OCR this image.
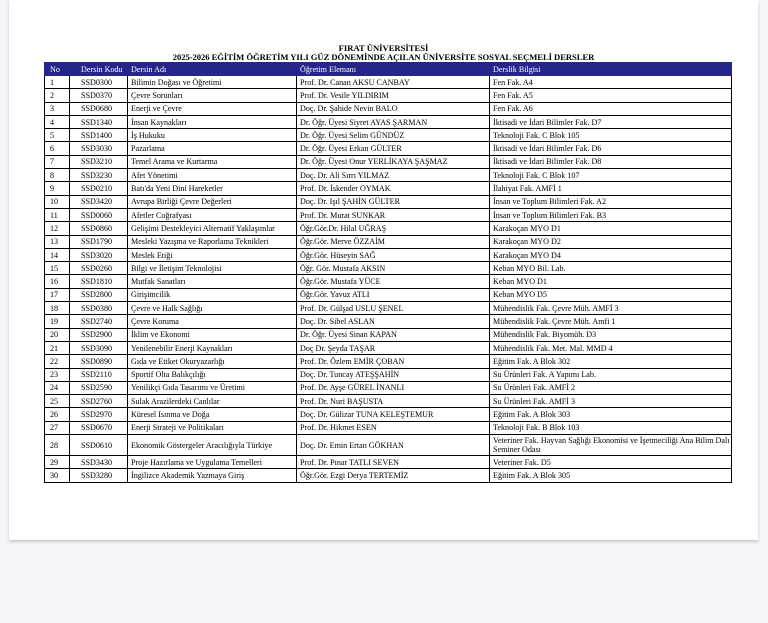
FIRAT ÜNİVERSİTESİ
2025-2026 EĞİTİM ÖĞRETİM YILI GÜZ DÖNEMİNDE AÇILAN ÜNİVERSİTE SOSYAL SEÇMELİ DERSLER
No	Dersin Kodu	Dersin Adı	Öğretim Elemanı	Derslik Bilgisi
1	SSD0300	Bilimin Doğası ve Öğretimi	Prof. Dr. Canan AKSU CANBAY	Fen Fak. A4
2	SSD0370	Çevre Sorunları	Prof. Dr. Vesile YILDIRIM	Fen Fak. A5
3	SSD0680	Enerji ve Çevre	Doç. Dr. Şahide Nevin BALO	Fen Fak. A6
4	SSD1340	İnsan Kaynakları	Dr. Öğr. Üyesi Siyret AYAS ŞARMAN	İktisadi ve İdari Bilimler Fak. D7
5	SSD1400	İş Hukuku	Dr. Öğr. Üyesi Selim GÜNDÜZ	Teknoloji Fak. C Blok 105
6	SSD3030	Pazarlama	Dr. Öğr. Üyesi Erkan GÜLTER	İktisadi ve İdari Bilimler Fak. D6
7	SSD3210	Temel Arama ve Kurtarma	Dr. Öğr. Üyesi Onur YERLİKAYA ŞAŞMAZ	İktisadi ve İdari Bilimler Fak. D8
8	SSD3230	Afet Yönetimi	Doç. Dr. Ali Sırrı YILMAZ	Teknoloji Fak. C Blok 107
9	SSD0210	Batı'da Yeni Dini Hareketler	Prof. Dr. İskender OYMAK	İlahiyat Fak. AMFİ 1
10	SSD3420	Avrupa Birliği Çevre Değerleri	Doç. Dr. Işıl ŞAHİN GÜLTER	İnsan ve Toplum Bilimleri Fak. A2
11	SSD0060	Afetler Coğrafyası	Prof. Dr. Murat SUNKAR	İnsan ve Toplum Bilimleri Fak. B3
12	SSD0860	Gelişimi Destekleyici Alternatif Yaklaşımlar	Öğr.Gör.Dr. Hilal UĞRAŞ	Karakoçan MYO D1
13	SSD1790	Mesleki Yazışma ve Raporlama Teknikleri	Öğr.Gör. Merve ÖZZAİM	Karakoçan MYO D2
14	SSD3020	Meslek Etiği	Öğr.Gör. Hüseyin SAĞ	Karakoçan MYO D4
15	SSD0260	Bilgi ve İletişim Teknolojisi	Öğr. Gör. Mustafa AKSIN	Keban MYO Bil. Lab.
16	SSD1810	Mutfak Sanatları	Öğr.Gör. Mustafa YÜCE	Keban MYO D1
17	SSD2800	Girişimcilik	Öğr.Gör. Yavuz ATLI	Keban MYO D5
18	SSD0380	Çevre ve Halk Sağlığı	Prof. Dr. Gülşad USLU ŞENEL	Mühendislik Fak. Çevre Müh. AMFİ 3
19	SSD2740	Çevre Koruma	Doç. Dr. Sibel ASLAN	Mühendislik Fak. Çevre Müh. Amfi 1
20	SSD2900	İklim ve Ekonomi	Dr. Öğr. Üyesi Sinan KAPAN	Mühendislik Fak. Biyomüh. D3
21	SSD3090	Yenilenebilir Enerji Kaynakları	Doç Dr. Şeyda TAŞAR	Mühendislik Fak. Met. Mal. MMD 4
22	SSD0890	Gıda ve Etiket Okuryazarlığı	Prof. Dr. Özlem EMİR ÇOBAN	Eğitim Fak. A Blok 302
23	SSD2110	Sportif Olta Balıkçılığı	Doç. Dr. Tuncay ATEŞŞAHİN	Su Ürünleri Fak. A Yapımı Lab.
24	SSD2590	Yenilikçi Gıda Tasarımı ve Üretimi	Prof. Dr. Ayşe GÜREL İNANLI	Su Ürünleri Fak. AMFİ 2
25	SSD2760	Sulak Arazilerdeki Canlılar	Prof. Dr. Nuri BAŞUSTA	Su Ürünleri Fak. AMFİ 3
26	SSD2970	Küresel Isınma ve Doğa	Doç. Dr. Gülizar TUNA KELEŞTEMUR	Eğitim Fak. A Blok 303
27	SSD0670	Enerji Strateji ve Politikaları	Prof. Dr. Hikmet ESEN	Teknoloji Fak. B Blok 103
28	SSD0610	Ekonomik Göstergeler Aracılığıyla Türkiye	Doç. Dr. Emin Ertan GÖKHAN	Veteriner Fak. Hayvan Sağlığı Ekonomisi ve İşetmeciliği Ana Bilim Dalı Seminer Odası
29	SSD3430	Proje Hazırlama ve Uygulama Temelleri	Prof. Dr. Pınar TATLI SEVEN	Veteriner Fak. D5
30	SSD3280	İngilizce Akademik Yazmaya Giriş	Öğr.Gör. Ezgi Derya TERTEMİZ	Eğitim Fak. A Blok 305
